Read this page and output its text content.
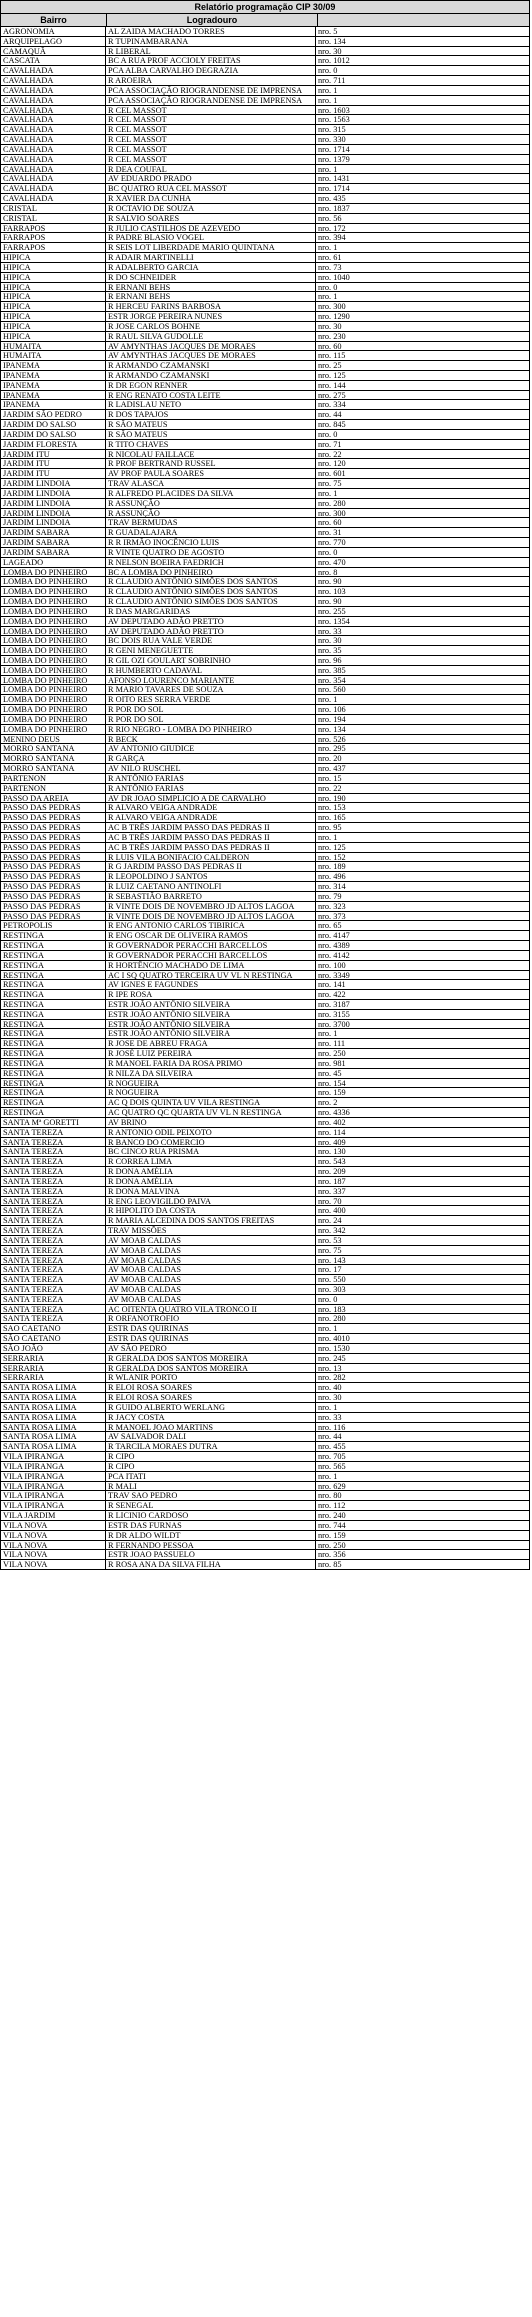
Relatório programação CIP 30/09
Bairro	Logradouro
AGRONOMIA	AL ZAIDA MACHADO TORRES	nro. 5
ARQUIPELAGO	R TUPINAMBARANA	nro. 134
CAMAQUÃ	R LIBERAL	nro. 30
CASCATA	BC A RUA PROF ACCIOLY FREITAS	nro. 1012
CAVALHADA	PCA ALBA CARVALHO DEGRAZIA	nro. 0
CAVALHADA	R AROEIRA	nro. 711
CAVALHADA	PCA ASSOCIAÇÃO RIOGRANDENSE DE IMPRENSA	nro. 1
CAVALHADA	PCA ASSOCIAÇÃO RIOGRANDENSE DE IMPRENSA	nro. 1
CAVALHADA	R CEL MASSOT	nro. 1603
CAVALHADA	R CEL MASSOT	nro. 1563
CAVALHADA	R CEL MASSOT	nro. 315
CAVALHADA	R CEL MASSOT	nro. 330
CAVALHADA	R CEL MASSOT	nro. 1714
CAVALHADA	R CEL MASSOT	nro. 1379
CAVALHADA	R DEA COUFAL	nro. 1
CAVALHADA	AV EDUARDO PRADO	nro. 1431
CAVALHADA	BC QUATRO RUA CEL MASSOT	nro. 1714
CAVALHADA	R XAVIER DA CUNHA	nro. 435
CRISTAL	R OCTAVIO DE SOUZA	nro. 1837
CRISTAL	R SALVIO SOARES	nro. 56
FARRAPOS	R JULIO CASTILHOS DE AZEVEDO	nro. 172
FARRAPOS	R PADRE BLASIO VOGEL	nro. 394
FARRAPOS	R SEIS LOT LIBERDADE MARIO QUINTANA	nro. 1
HIPICA	R ADAIR MARTINELLI	nro. 61
HIPICA	R ADALBERTO GARCIA	nro. 73
HIPICA	R DO SCHNEIDER	nro. 1040
HIPICA	R ERNANI BEHS	nro. 0
HIPICA	R ERNANI BEHS	nro. 1
HIPICA	R HERCEU FARINS BARBOSA	nro. 300
HIPICA	ESTR JORGE PEREIRA NUNES	nro. 1290
HIPICA	R JOSE CARLOS BOHNE	nro. 30
HIPICA	R RAUL SILVA GUDOLLE	nro. 230
HUMAITA	AV AMYNTHAS JACQUES DE MORAES	nro. 60
HUMAITA	AV AMYNTHAS JACQUES DE MORAES	nro. 115
IPANEMA	R ARMANDO CZAMANSKI	nro. 25
IPANEMA	R ARMANDO CZAMANSKI	nro. 125
IPANEMA	R DR EGON RENNER	nro. 144
IPANEMA	R ENG RENATO COSTA LEITE	nro. 275
IPANEMA	R LADISLAU NETO	nro. 334
JARDIM SÃO PEDRO	R DOS TAPAJOS	nro. 44
JARDIM DO SALSO	R SÃO MATEUS	nro. 845
JARDIM DO SALSO	R SÃO MATEUS	nro. 0
JARDIM FLORESTA	R TITO CHAVES	nro. 71
JARDIM ITU	R NICOLAU FAILLACE	nro. 22
JARDIM ITU	R PROF BERTRAND RUSSEL	nro. 120
JARDIM ITU	AV PROF PAULA SOARES	nro. 601
JARDIM LINDOIA	TRAV ALASCA	nro. 75
JARDIM LINDOIA	R ALFREDO PLACIDES DA SILVA	nro. 1
JARDIM LINDOIA	R ASSUNÇÃO	nro. 280
JARDIM LINDOIA	R ASSUNÇÃO	nro. 300
JARDIM LINDOIA	TRAV BERMUDAS	nro. 60
JARDIM SABARA	R GUADALAJARA	nro. 31
JARDIM SABARA	R R IRMÃO INOCÊNCIO LUIS	nro. 770
JARDIM SABARA	R VINTE QUATRO DE AGOSTO	nro. 0
LAGEADO	R NELSON BOEIRA FAEDRICH	nro. 470
LOMBA DO PINHEIRO	BC A LOMBA DO PINHEIRO	nro. 8
LOMBA DO PINHEIRO	R CLAUDIO ANTÔNIO SIMÕES DOS SANTOS	nro. 90
LOMBA DO PINHEIRO	R CLAUDIO ANTÔNIO SIMÕES DOS SANTOS	nro. 103
LOMBA DO PINHEIRO	R CLAUDIO ANTÔNIO SIMÕES DOS SANTOS	nro. 90
LOMBA DO PINHEIRO	R DAS MARGARIDAS	nro. 255
LOMBA DO PINHEIRO	AV DEPUTADO ADÃO PRETTO	nro. 1354
LOMBA DO PINHEIRO	AV DEPUTADO ADÃO PRETTO	nro. 33
LOMBA DO PINHEIRO	BC DOIS RUA VALE VERDE	nro. 30
LOMBA DO PINHEIRO	R GENI MENEGUETTE	nro. 35
LOMBA DO PINHEIRO	R GIL OZI GOULART SOBRINHO	nro. 96
LOMBA DO PINHEIRO	R HUMBERTO CADAVAL	nro. 385
LOMBA DO PINHEIRO	AFONSO LOURENCO MARIANTE	nro. 354
LOMBA DO PINHEIRO	R MARIO TAVARES DE SOUZA	nro. 560
LOMBA DO PINHEIRO	R OITO RES SERRA VERDE	nro. 1
LOMBA DO PINHEIRO	R POR DO SOL	nro. 106
LOMBA DO PINHEIRO	R POR DO SOL	nro. 194
LOMBA DO PINHEIRO	R RIO NEGRO - LOMBA DO PINHEIRO	nro. 134
MENINO DEUS	R BECK	nro. 526
MORRO SANTANA	AV ANTONIO GIUDICE	nro. 295
MORRO SANTANA	R GARÇA	nro. 20
MORRO SANTANA	AV NILO RUSCHEL	nro. 437
PARTENON	R ANTÔNIO FARIAS	nro. 15
PARTENON	R ANTÔNIO FARIAS	nro. 22
PASSO DA AREIA	AV DR JOAO SIMPLICIO A DE CARVALHO	nro. 190
PASSO DAS PEDRAS	R ALVARO VEIGA ANDRADE	nro. 153
PASSO DAS PEDRAS	R ALVARO VEIGA ANDRADE	nro. 165
PASSO DAS PEDRAS	AC B TRÊS JARDIM PASSO DAS PEDRAS II	nro. 95
PASSO DAS PEDRAS	AC B TRÊS JARDIM PASSO DAS PEDRAS II	nro. 1
PASSO DAS PEDRAS	AC B TRÊS JARDIM PASSO DAS PEDRAS II	nro. 125
PASSO DAS PEDRAS	R LUIS VILA BONIFACIO CALDERON	nro. 152
PASSO DAS PEDRAS	R G JARDIM PASSO DAS PEDRAS II	nro. 189
PASSO DAS PEDRAS	R LEOPOLDINO J SANTOS	nro. 496
PASSO DAS PEDRAS	R LUIZ CAETANO ANTINOLFI	nro. 314
PASSO DAS PEDRAS	R SEBASTIÃO BARRETO	nro. 79
PASSO DAS PEDRAS	R VINTE DOIS DE NOVEMBRO JD ALTOS LAGOA	nro. 323
PASSO DAS PEDRAS	R VINTE DOIS DE NOVEMBRO JD ALTOS LAGOA	nro. 373
PETROPOLIS	R ENG ANTONIO CARLOS TIBIRICA	nro. 65
RESTINGA	R ENG OSCAR DE OLIVEIRA RAMOS	nro. 4147
RESTINGA	R GOVERNADOR PERACCHI BARCELLOS	nro. 4389
RESTINGA	R GOVERNADOR PERACCHI BARCELLOS	nro. 4142
RESTINGA	R HORTÊNCIO MACHADO DE LIMA	nro. 100
RESTINGA	AC I SQ QUATRO TERCEIRA UV VL N RESTINGA	nro. 3349
RESTINGA	AV IGNES E FAGUNDES	nro. 141
RESTINGA	R IPE ROSA	nro. 422
RESTINGA	ESTR JOÃO ANTÔNIO SILVEIRA	nro. 3187
RESTINGA	ESTR JOÃO ANTÔNIO SILVEIRA	nro. 3155
RESTINGA	ESTR JOÃO ANTÔNIO SILVEIRA	nro. 3700
RESTINGA	ESTR JOÃO ANTÔNIO SILVEIRA	nro. 1
RESTINGA	R JOSE DE ABREU FRAGA	nro. 111
RESTINGA	R JOSÉ LUIZ PEREIRA	nro. 250
RESTINGA	R MANOEL FARIA DA ROSA PRIMO	nro. 981
RESTINGA	R NILZA DA SILVEIRA	nro. 45
RESTINGA	R NOGUEIRA	nro. 154
RESTINGA	R NOGUEIRA	nro. 159
RESTINGA	AC Q DOIS QUINTA UV VILA RESTINGA	nro. 2
RESTINGA	AC QUATRO QC QUARTA UV VL N RESTINGA	nro. 4336
SANTA Mª GORETTI	AV BRINO	nro. 402
SANTA TEREZA	R ANTONIO ODIL PEIXOTO	nro. 114
SANTA TEREZA	R BANCO DO COMERCIO	nro. 409
SANTA TEREZA	BC CINCO RUA PRISMA	nro. 130
SANTA TEREZA	R CORREA LIMA	nro. 543
SANTA TEREZA	R DONA AMÉLIA	nro. 209
SANTA TEREZA	R DONA AMÉLIA	nro. 187
SANTA TEREZA	R DONA MALVINA	nro. 337
SANTA TEREZA	R ENG LEOVIGILDO PAIVA	nro. 70
SANTA TEREZA	R HIPOLITO DA COSTA	nro. 400
SANTA TEREZA	R MARIA ALCEDINA DOS SANTOS FREITAS	nro. 24
SANTA TEREZA	TRAV MISSÕES	nro. 342
SANTA TEREZA	AV MOAB CALDAS	nro. 53
SANTA TEREZA	AV MOAB CALDAS	nro. 75
SANTA TEREZA	AV MOAB CALDAS	nro. 143
SANTA TEREZA	AV MOAB CALDAS	nro. 17
SANTA TEREZA	AV MOAB CALDAS	nro. 550
SANTA TEREZA	AV MOAB CALDAS	nro. 303
SANTA TEREZA	AV MOAB CALDAS	nro. 0
SANTA TEREZA	AC OITENTA QUATRO VILA TRONCO II	nro. 183
SANTA TEREZA	R ORFANOTROFIO	nro. 280
SAO CAETANO	ESTR DAS QUIRINAS	nro. 1
SÃO CAETANO	ESTR DAS QUIRINAS	nro. 4010
SÃO JOÃO	AV SÃO PEDRO	nro. 1530
SERRARIA	R GERALDA DOS SANTOS MOREIRA	nro. 245
SERRARIA	R GERALDA DOS SANTOS MOREIRA	nro. 13
SERRARIA	R WLANIR PORTO	nro. 282
SANTA ROSA LIMA	R ELOI ROSA SOARES	nro. 40
SANTA ROSA LIMA	R ELOI ROSA SOARES	nro. 30
SANTA ROSA LIMA	R GUIDO ALBERTO WERLANG	nro. 1
SANTA ROSA LIMA	R JACY COSTA	nro. 33
SANTA ROSA LIMA	R MANOEL JOAO MARTINS	nro. 116
SANTA ROSA LIMA	AV SALVADOR DALI	nro. 44
SANTA ROSA LIMA	R TARCILA MORAES DUTRA	nro. 455
VILA IPIRANGA	R CIPO	nro. 705
VILA IPIRANGA	R CIPO	nro. 565
VILA IPIRANGA	PCA ITATI	nro. 1
VILA IPIRANGA	R MALI	nro. 629
VILA IPIRANGA	TRAV SAO PEDRO	nro. 80
VILA IPIRANGA	R SENEGAL	nro. 112
VILA JARDIM	R LICINIO CARDOSO	nro. 240
VILA NOVA	ESTR DAS FURNAS	nro. 744
VILA NOVA	R DR ALDO WILDT	nro. 159
VILA NOVA	R FERNANDO PESSOA	nro. 250
VILA NOVA	ESTR JOAO PASSUELO	nro. 356
VILA NOVA	R ROSA ANA DA SILVA FILHA	nro. 85
